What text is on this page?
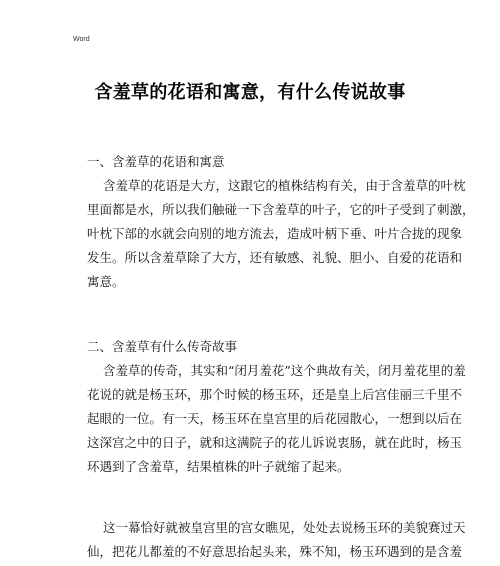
Word
含羞草的花语和寓意，有什么传说故事
一、含羞草的花语和寓意
含羞草的花语是大方，这跟它的植株结构有关，由于含羞草的叶枕
里面都是水，所以我们触碰一下含羞草的叶子，它的叶子受到了刺激，
叶枕下部的水就会向别的地方流去，造成叶柄下垂、叶片合拢的现象
发生。所以含羞草除了大方，还有敏感、礼貌、胆小、自爱的花语和
寓意。
二、含羞草有什么传奇故事
含羞草的传奇，其实和“闭月羞花”这个典故有关，闭月羞花里的羞
花说的就是杨玉环，那个时候的杨玉环，还是皇上后宫佳丽三千里不
起眼的一位。有一天，杨玉环在皇宫里的后花园散心，一想到以后在
这深宫之中的日子，就和这满院子的花儿诉说衷肠，就在此时，杨玉
环遇到了含羞草，结果植株的叶子就缩了起来。
这一幕恰好就被皇宫里的宫女瞧见，处处去说杨玉环的美貌赛过天
仙，把花儿都羞的不好意思抬起头来，殊不知，杨玉环遇到的是含羞
